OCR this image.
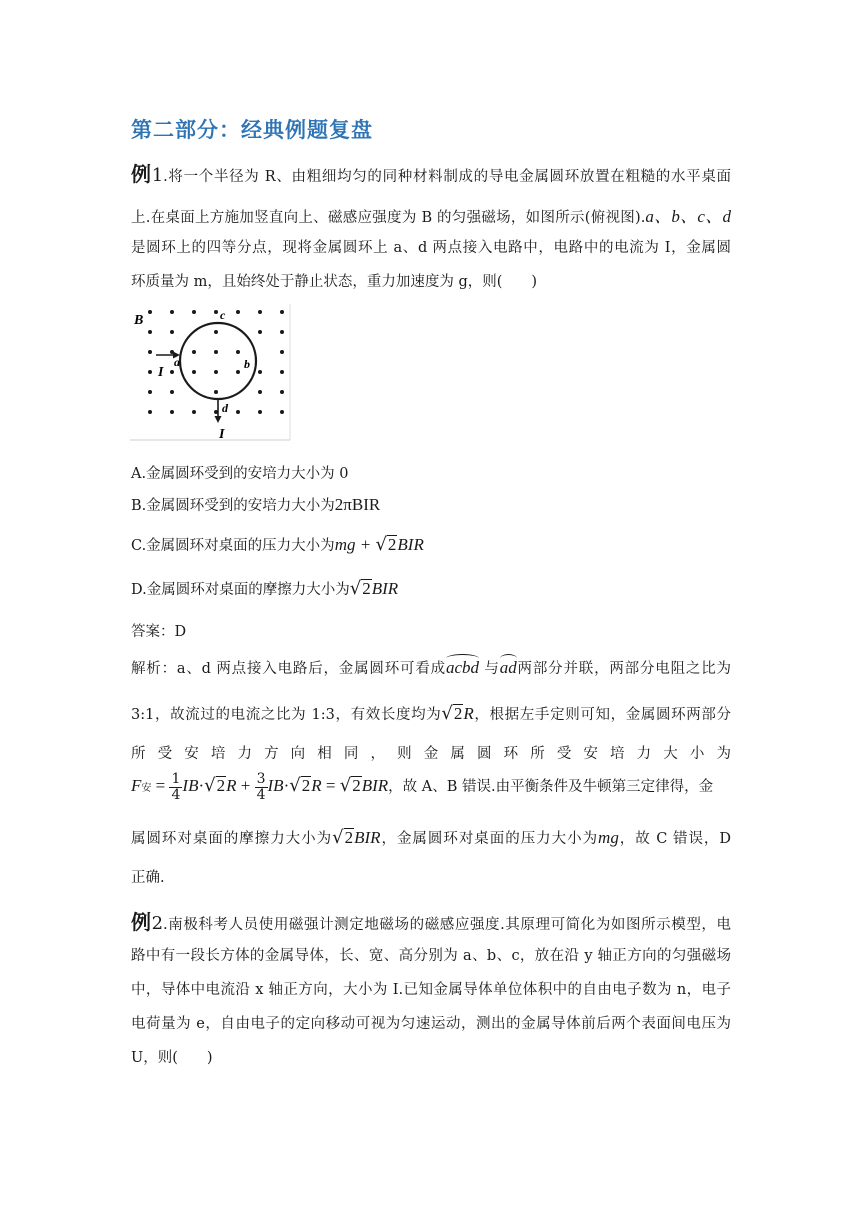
第二部分：经典例题复盘
例1.将一个半径为 R、由粗细均匀的同种材料制成的导电金属圆环放置在粗糙的水平桌面
上.在桌面上方施加竖直向上、磁感应强度为 B 的匀强磁场，如图所示(俯视图).a、b、c、d
是圆环上的四等分点，现将金属圆环上 a、d 两点接入电路中，电路中的电流为 I，金属圆
环质量为 m，且始终处于静止状态，重力加速度为 g，则(　　)
B
I
a	b
c
d
I
A.金属圆环受到的安培力大小为 0
B.金属圆环受到的安培力大小为2πBIR
C.金属圆环对桌面的压力大小为mg + √2BIR
D.金属圆环对桌面的摩擦力大小为√2BIR
答案：D
解析：a、d 两点接入电路后，金属圆环可看成acbd 与ad两部分并联，两部分电阻之比为
3:1，故流过的电流之比为 1:3，有效长度均为√2R，根据左手定则可知，金属圆环两部分
所 受 安 培 力 方 向 相 同 ， 则 金 属 圆 环 所 受 安 培 力 大 小 为
F安 = $\frac{1}{4} IB\cdot√2R + \frac{3}{4} IB\cdot√2R = √2BIR$，故 A、B 错误.由平衡条件及牛顿第三定律得，金
属圆环对桌面的摩擦力大小为√2BIR，金属圆环对桌面的压力大小为mg，故 C 错误，D
正确.
例2.南极科考人员使用磁强计测定地磁场的磁感应强度.其原理可简化为如图所示模型，电
路中有一段长方体的金属导体，长、宽、高分别为 a、b、c，放在沿 y 轴正方向的匀强磁场
中，导体中电流沿 x 轴正方向，大小为 I.已知金属导体单位体积中的自由电子数为 n，电子
电荷量为 e，自由电子的定向移动可视为匀速运动，测出的金属导体前后两个表面间电压为
U，则(　　)
